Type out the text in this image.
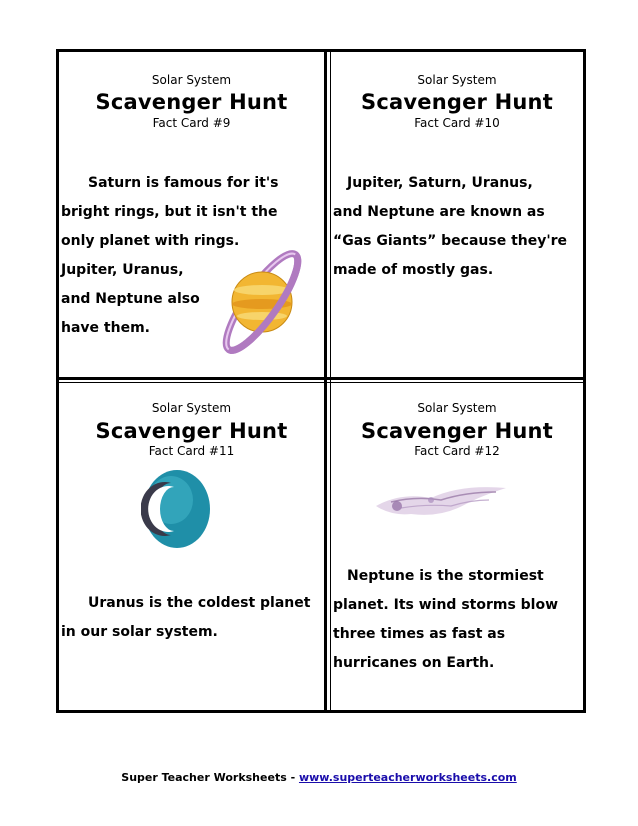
Solar System
Scavenger Hunt
Fact Card #9
Saturn is famous for it's
bright rings, but it isn't the
only planet with rings.
Jupiter, Uranus,
and Neptune also
have them.
Solar System
Scavenger Hunt
Fact Card #10
Jupiter, Saturn, Uranus,
and Neptune are known as
“Gas Giants” because they're
made of mostly gas.
Solar System
Scavenger Hunt
Fact Card #11
Uranus is the coldest planet
in our solar system.
Solar System
Scavenger Hunt
Fact Card #12
Neptune is the stormiest
planet. Its wind storms blow
three times as fast as
hurricanes on Earth.
Super Teacher Worksheets - www.superteacherworksheets.com
